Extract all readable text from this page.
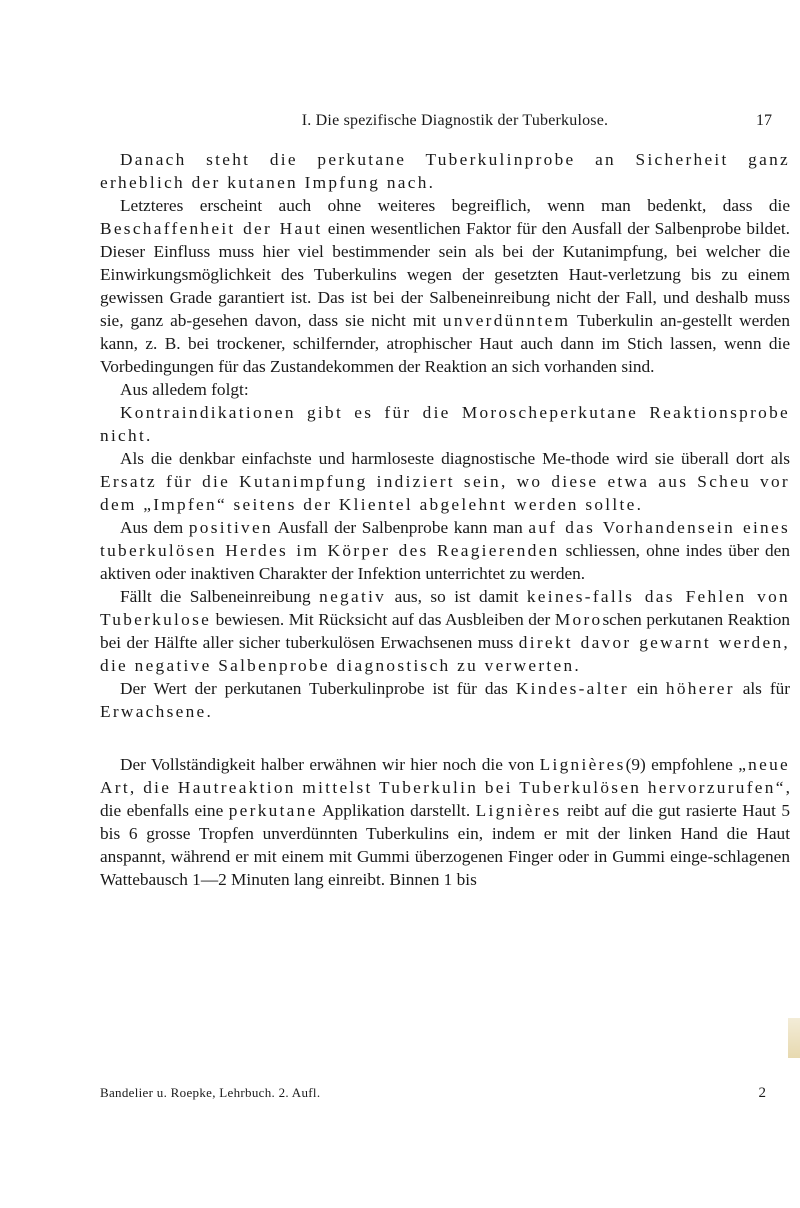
I. Die spezifische Diagnostik der Tuberkulose.	17

Danach steht die perkutane Tuberkulinprobe an Sicherheit ganz erheblich der kutanen Impfung nach.

Letzteres erscheint auch ohne weiteres begreiflich, wenn man bedenkt, dass die Beschaffenheit der Haut einen wesentlichen Faktor für den Ausfall der Salbenprobe bildet. Dieser Einfluss muss hier viel bestimmender sein als bei der Kutanimpfung, bei welcher die Einwirkungsmöglichkeit des Tuberkulins wegen der gesetzten Haut-verletzung bis zu einem gewissen Grade garantiert ist. Das ist bei der Salbeneinreibung nicht der Fall, und deshalb muss sie, ganz ab-gesehen davon, dass sie nicht mit unverdünntem Tuberkulin an-gestellt werden kann, z. B. bei trockener, schilfernder, atrophischer Haut auch dann im Stich lassen, wenn die Vorbedingungen für das Zustandekommen der Reaktion an sich vorhanden sind.

Aus alledem folgt:

Kontraindikationen gibt es für die Moroscheperkutane Reaktionsprobe nicht.

Als die denkbar einfachste und harmloseste diagnostische Me-thode wird sie überall dort als Ersatz für die Kutanimpfung indiziert sein, wo diese etwa aus Scheu vor dem „Impfen“ seitens der Klientel abgelehnt werden sollte.

Aus dem positiven Ausfall der Salbenprobe kann man auf das Vorhandensein eines tuberkulösen Herdes im Körper des Reagierenden schliessen, ohne indes über den aktiven oder inaktiven Charakter der Infektion unterrichtet zu werden.

Fällt die Salbeneinreibung negativ aus, so ist damit keines-falls das Fehlen von Tuberkulose bewiesen. Mit Rücksicht auf das Ausbleiben der Moroschen perkutanen Reaktion bei der Hälfte aller sicher tuberkulösen Erwachsenen muss direkt davor gewarnt werden, die negative Salbenprobe diagnostisch zu verwerten.

Der Wert der perkutanen Tuberkulinprobe ist für das Kindes-alter ein höherer als für Erwachsene.

Der Vollständigkeit halber erwähnen wir hier noch die von Lignières(9) empfohlene „neue Art, die Hautreaktion mittelst Tuberkulin bei Tuberkulösen hervorzurufen“, die ebenfalls eine perkutane Applikation darstellt. Lignières reibt auf die gut rasierte Haut 5 bis 6 grosse Tropfen unverdünnten Tuberkulins ein, indem er mit der linken Hand die Haut anspannt, während er mit einem mit Gummi überzogenen Finger oder in Gummi einge-schlagenen Wattebausch 1—2 Minuten lang einreibt. Binnen 1 bis

Bandelier u. Roepke, Lehrbuch. 2. Aufl.	2
